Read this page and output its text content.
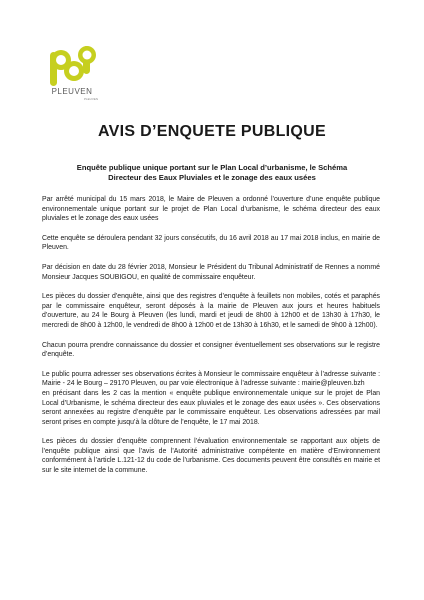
PLEUVEN
PLEUVEN
AVIS D’ENQUETE PUBLIQUE
Enquête publique unique portant sur le Plan Local d’urbanisme, le Schéma Directeur des Eaux Pluviales et le zonage des eaux usées

Par arrêté municipal du 15 mars 2018, le Maire de Pleuven a ordonné l’ouverture d’une enquête publique environnementale unique portant sur le projet de Plan Local d’urbanisme, le schéma directeur des eaux pluviales et le zonage des eaux usées

Cette enquête se déroulera pendant 32 jours consécutifs, du 16 avril 2018 au 17 mai 2018 inclus, en mairie de Pleuven.

Par décision en date du 28 février 2018, Monsieur le Président du Tribunal Administratif de Rennes a nommé Monsieur Jacques SOUBIGOU, en qualité de commissaire enquêteur.

Les pièces du dossier d’enquête, ainsi que des registres d’enquête à feuillets non mobiles, cotés et paraphés par le commissaire enquêteur, seront déposés à la mairie de Pleuven aux jours et heures habituels d’ouverture, au 24 le Bourg à Pleuven (les lundi, mardi et jeudi de 8h00 à 12h00 et de 13h30 à 17h30, le mercredi de 8h00 à 12h00, le vendredi de 8h00 à 12h00 et de 13h30 à 16h30, et le samedi de 9h00 à 12h00).

Chacun pourra prendre connaissance du dossier et consigner éventuellement ses observations sur le registre d’enquête.

Le public pourra adresser ses observations écrites à Monsieur le commissaire enquêteur à l’adresse suivante : Mairie - 24 le Bourg – 29170 Pleuven, ou par voie électronique à l’adresse suivante : mairie@pleuven.bzh

en précisant dans les 2 cas la mention « enquête publique environnementale unique sur le projet de Plan Local d’Urbanisme, le schéma directeur des eaux pluviales et le zonage des eaux usées ». Ces observations seront annexées au registre d’enquête par le commissaire enquêteur. Les observations adressées par mail seront prises en compte jusqu’à la clôture de l’enquête, le 17 mai 2018.

Les pièces du dossier d’enquête comprennent l’évaluation environnementale se rapportant aux objets de l’enquête publique ainsi que l’avis de l’Autorité administrative compétente en matière d’Environnement conformément à l’article L.121-12 du code de l’urbanisme. Ces documents peuvent être consultés en mairie et sur le site internet de la commune.
